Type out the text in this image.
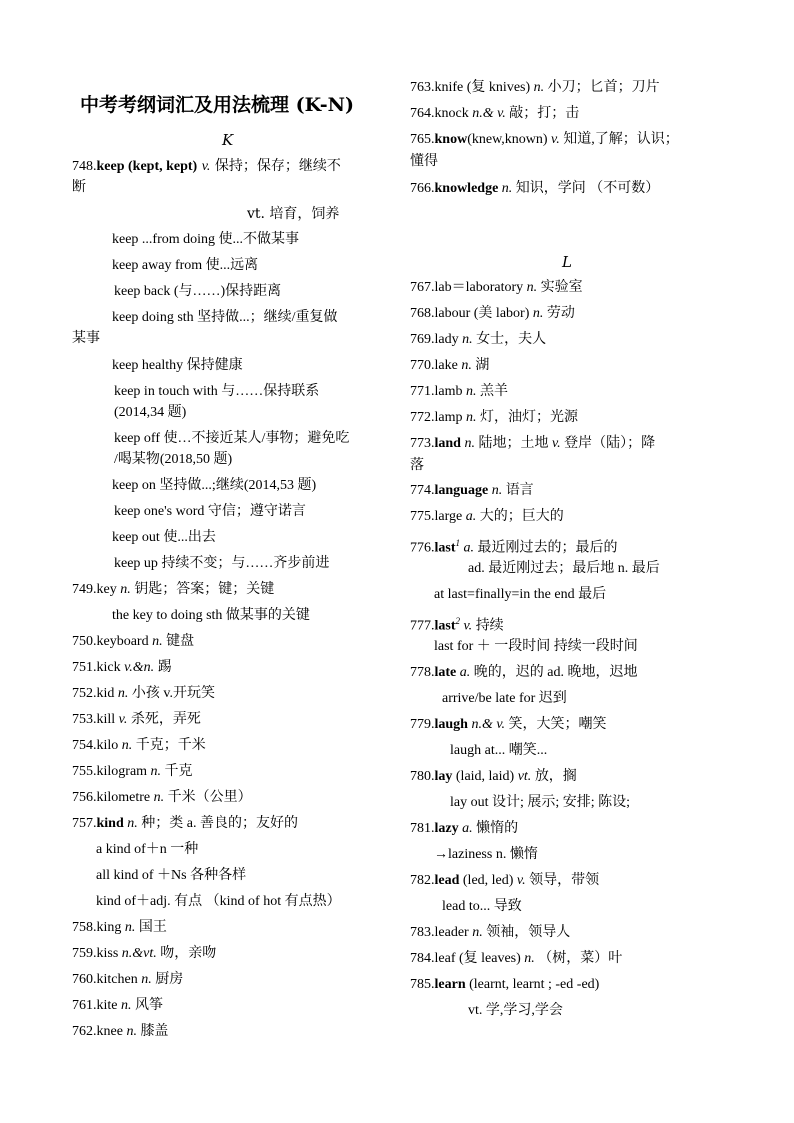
中考考纲词汇及用法梳理 (K-N)
K
748.keep (kept, kept) v. 保持；保存；继续不
断
vt. 培育，饲养
keep ...from doing 使...不做某事
keep away from 使...远离
keep back (与……)保持距离
keep doing sth 坚持做...；继续/重复做
某事
keep healthy 保持健康
keep in touch with 与……保持联系
(2014,34 题)
keep off 使…不接近某人/事物；避免吃
/喝某物(2018,50 题)
keep on 坚持做...;继续(2014,53 题)
keep one's word 守信；遵守诺言
keep out 使...出去
keep up 持续不变；与……齐步前进
749.key n. 钥匙；答案；键；关键
the key to doing sth 做某事的关键
750.keyboard n. 键盘
751.kick v.&n. 踢
752.kid n. 小孩 v.开玩笑
753.kill v. 杀死，弄死
754.kilo n. 千克；千米
755.kilogram n. 千克
756.kilometre n. 千米（公里）
757.kind n. 种；类 a. 善良的；友好的
a kind of＋n 一种
all kind of ＋Ns 各种各样
kind of＋adj. 有点 （kind of hot 有点热）
758.king n. 国王
759.kiss n.&vt. 吻，亲吻
760.kitchen n. 厨房
761.kite n. 风筝
762.knee n. 膝盖
763.knife (复 knives) n. 小刀；匕首；刀片
764.knock n.& v. 敲；打；击
765.know(knew,known) v. 知道,了解；认识；
懂得
766.knowledge n. 知识，学问 （不可数）
L
767.lab＝laboratory n. 实验室
768.labour (美 labor) n. 劳动
769.lady n. 女士，夫人
770.lake n. 湖
771.lamb n. 羔羊
772.lamp n. 灯，油灯；光源
773.land n. 陆地；土地 v. 登岸（陆）；降
落
774.language n. 语言
775.large a. 大的；巨大的
776.last$^1$ a. 最近刚过去的；最后的
ad. 最近刚过去；最后地 n. 最后
at last=finally=in the end 最后
777.last$^2$ v. 持续
last for ＋ 一段时间 持续一段时间
778.late a. 晚的，迟的 ad. 晚地，迟地
arrive/be late for 迟到
779.laugh n.& v. 笑，大笑；嘲笑
laugh at... 嘲笑...
780.lay (laid, laid) vt. 放，搁
lay out 设计; 展示; 安排; 陈设;
781.lazy a. 懒惰的
→laziness n. 懒惰
782.lead (led, led) v. 领导，带领
lead to... 导致
783.leader n. 领袖，领导人
784.leaf (复 leaves) n. （树，菜）叶
785.learn (learnt, learnt ; -ed -ed)
vt. 学,学习,学会
